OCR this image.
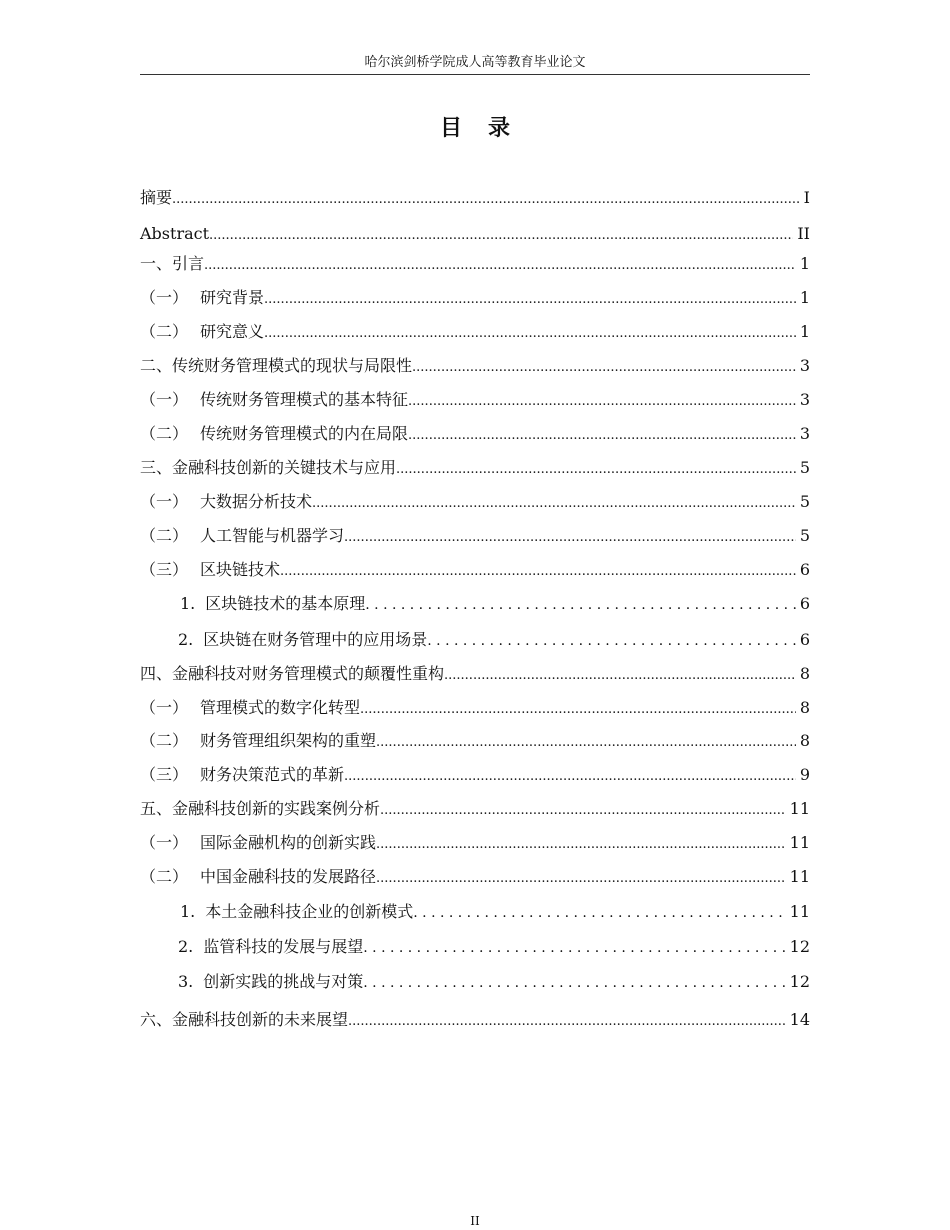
哈尔滨剑桥学院成人高等教育毕业论文
目录
摘要 .....	I
Abstract .....	II
一、引言 .....	1
（一） 研究背景 .....	1
（二） 研究意义 .....	1
二、传统财务管理模式的现状与局限性 .....	3
（一） 传统财务管理模式的基本特征 .....	3
（二） 传统财务管理模式的内在局限 .....	3
三、金融科技创新的关键技术与应用 .....	5
（一） 大数据分析技术 .....	5
（二） 人工智能与机器学习 .....	5
（三） 区块链技术 .....	6
1. 区块链技术的基本原理 . . .	6
2. 区块链在财务管理中的应用场景 . . .	6
四、金融科技对财务管理模式的颠覆性重构 .....	8
（一） 管理模式的数字化转型 .....	8
（二） 财务管理组织架构的重塑 .....	8
（三） 财务决策范式的革新 .....	9
五、金融科技创新的实践案例分析 .....	11
（一） 国际金融机构的创新实践 .....	11
（二） 中国金融科技的发展路径 .....	11
1. 本土金融科技企业的创新模式 . . .	11
2. 监管科技的发展与展望 . . .	12
3. 创新实践的挑战与对策 . . .	12
六、金融科技创新的未来展望 .....	14
II
